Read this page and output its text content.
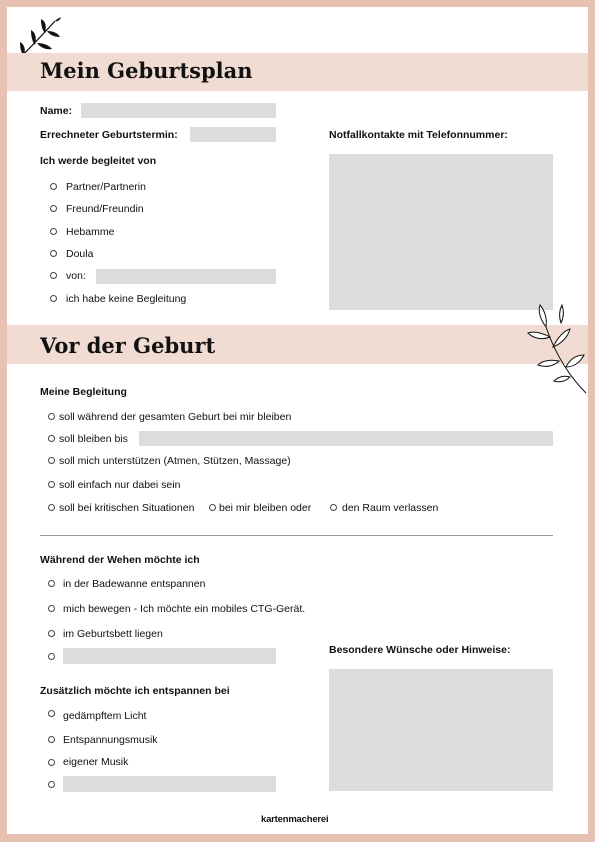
Mein Geburtsplan
Name:
Errechneter Geburtstermin:
Ich werde begleitet von
Partner/Partnerin
Freund/Freundin
Hebamme
Doula
von:
ich habe keine Begleitung
Notfallkontakte mit Telefonnummer:
Vor der Geburt
Meine Begleitung
soll während der gesamten Geburt bei mir bleiben
soll bleiben bis
soll mich unterstützen (Atmen, Stützen, Massage)
soll einfach nur dabei sein
soll bei kritischen Situationen bei mir bleiben oder	den Raum verlassen
Während der Wehen möchte ich
in der Badewanne entspannen
mich bewegen - Ich möchte ein mobiles CTG-Gerät.
im Geburtsbett liegen
Besondere Wünsche oder Hinweise:
Zusätzlich möchte ich entspannen bei
gedämpftem Licht
Entspannungsmusik
eigener Musik
kartenmacherei
